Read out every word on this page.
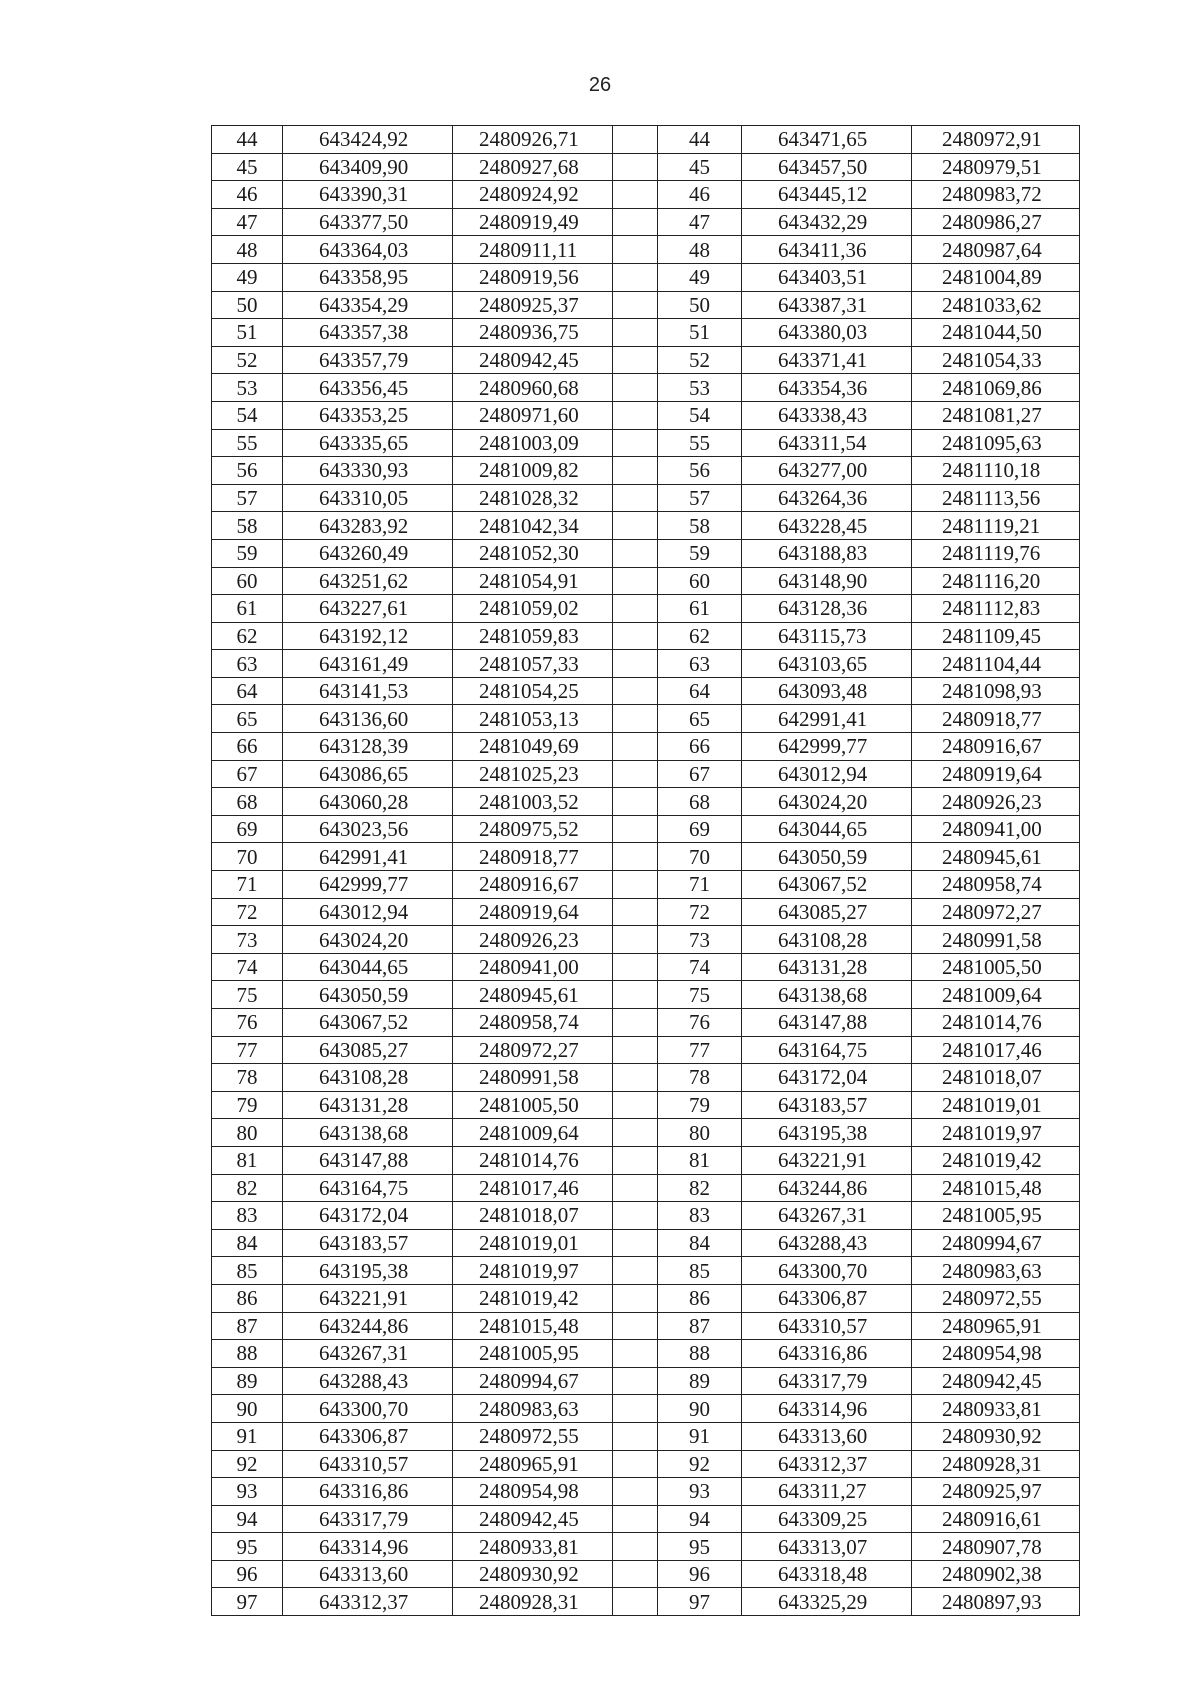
26
44	643424,92	2480926,71		44	643471,65	2480972,91
45	643409,90	2480927,68		45	643457,50	2480979,51
46	643390,31	2480924,92		46	643445,12	2480983,72
47	643377,50	2480919,49		47	643432,29	2480986,27
48	643364,03	2480911,11		48	643411,36	2480987,64
49	643358,95	2480919,56		49	643403,51	2481004,89
50	643354,29	2480925,37		50	643387,31	2481033,62
51	643357,38	2480936,75		51	643380,03	2481044,50
52	643357,79	2480942,45		52	643371,41	2481054,33
53	643356,45	2480960,68		53	643354,36	2481069,86
54	643353,25	2480971,60		54	643338,43	2481081,27
55	643335,65	2481003,09		55	643311,54	2481095,63
56	643330,93	2481009,82		56	643277,00	2481110,18
57	643310,05	2481028,32		57	643264,36	2481113,56
58	643283,92	2481042,34		58	643228,45	2481119,21
59	643260,49	2481052,30		59	643188,83	2481119,76
60	643251,62	2481054,91		60	643148,90	2481116,20
61	643227,61	2481059,02		61	643128,36	2481112,83
62	643192,12	2481059,83		62	643115,73	2481109,45
63	643161,49	2481057,33		63	643103,65	2481104,44
64	643141,53	2481054,25		64	643093,48	2481098,93
65	643136,60	2481053,13		65	642991,41	2480918,77
66	643128,39	2481049,69		66	642999,77	2480916,67
67	643086,65	2481025,23		67	643012,94	2480919,64
68	643060,28	2481003,52		68	643024,20	2480926,23
69	643023,56	2480975,52		69	643044,65	2480941,00
70	642991,41	2480918,77		70	643050,59	2480945,61
71	642999,77	2480916,67		71	643067,52	2480958,74
72	643012,94	2480919,64		72	643085,27	2480972,27
73	643024,20	2480926,23		73	643108,28	2480991,58
74	643044,65	2480941,00		74	643131,28	2481005,50
75	643050,59	2480945,61		75	643138,68	2481009,64
76	643067,52	2480958,74		76	643147,88	2481014,76
77	643085,27	2480972,27		77	643164,75	2481017,46
78	643108,28	2480991,58		78	643172,04	2481018,07
79	643131,28	2481005,50		79	643183,57	2481019,01
80	643138,68	2481009,64		80	643195,38	2481019,97
81	643147,88	2481014,76		81	643221,91	2481019,42
82	643164,75	2481017,46		82	643244,86	2481015,48
83	643172,04	2481018,07		83	643267,31	2481005,95
84	643183,57	2481019,01		84	643288,43	2480994,67
85	643195,38	2481019,97		85	643300,70	2480983,63
86	643221,91	2481019,42		86	643306,87	2480972,55
87	643244,86	2481015,48		87	643310,57	2480965,91
88	643267,31	2481005,95		88	643316,86	2480954,98
89	643288,43	2480994,67		89	643317,79	2480942,45
90	643300,70	2480983,63		90	643314,96	2480933,81
91	643306,87	2480972,55		91	643313,60	2480930,92
92	643310,57	2480965,91		92	643312,37	2480928,31
93	643316,86	2480954,98		93	643311,27	2480925,97
94	643317,79	2480942,45		94	643309,25	2480916,61
95	643314,96	2480933,81		95	643313,07	2480907,78
96	643313,60	2480930,92		96	643318,48	2480902,38
97	643312,37	2480928,31		97	643325,29	2480897,93
